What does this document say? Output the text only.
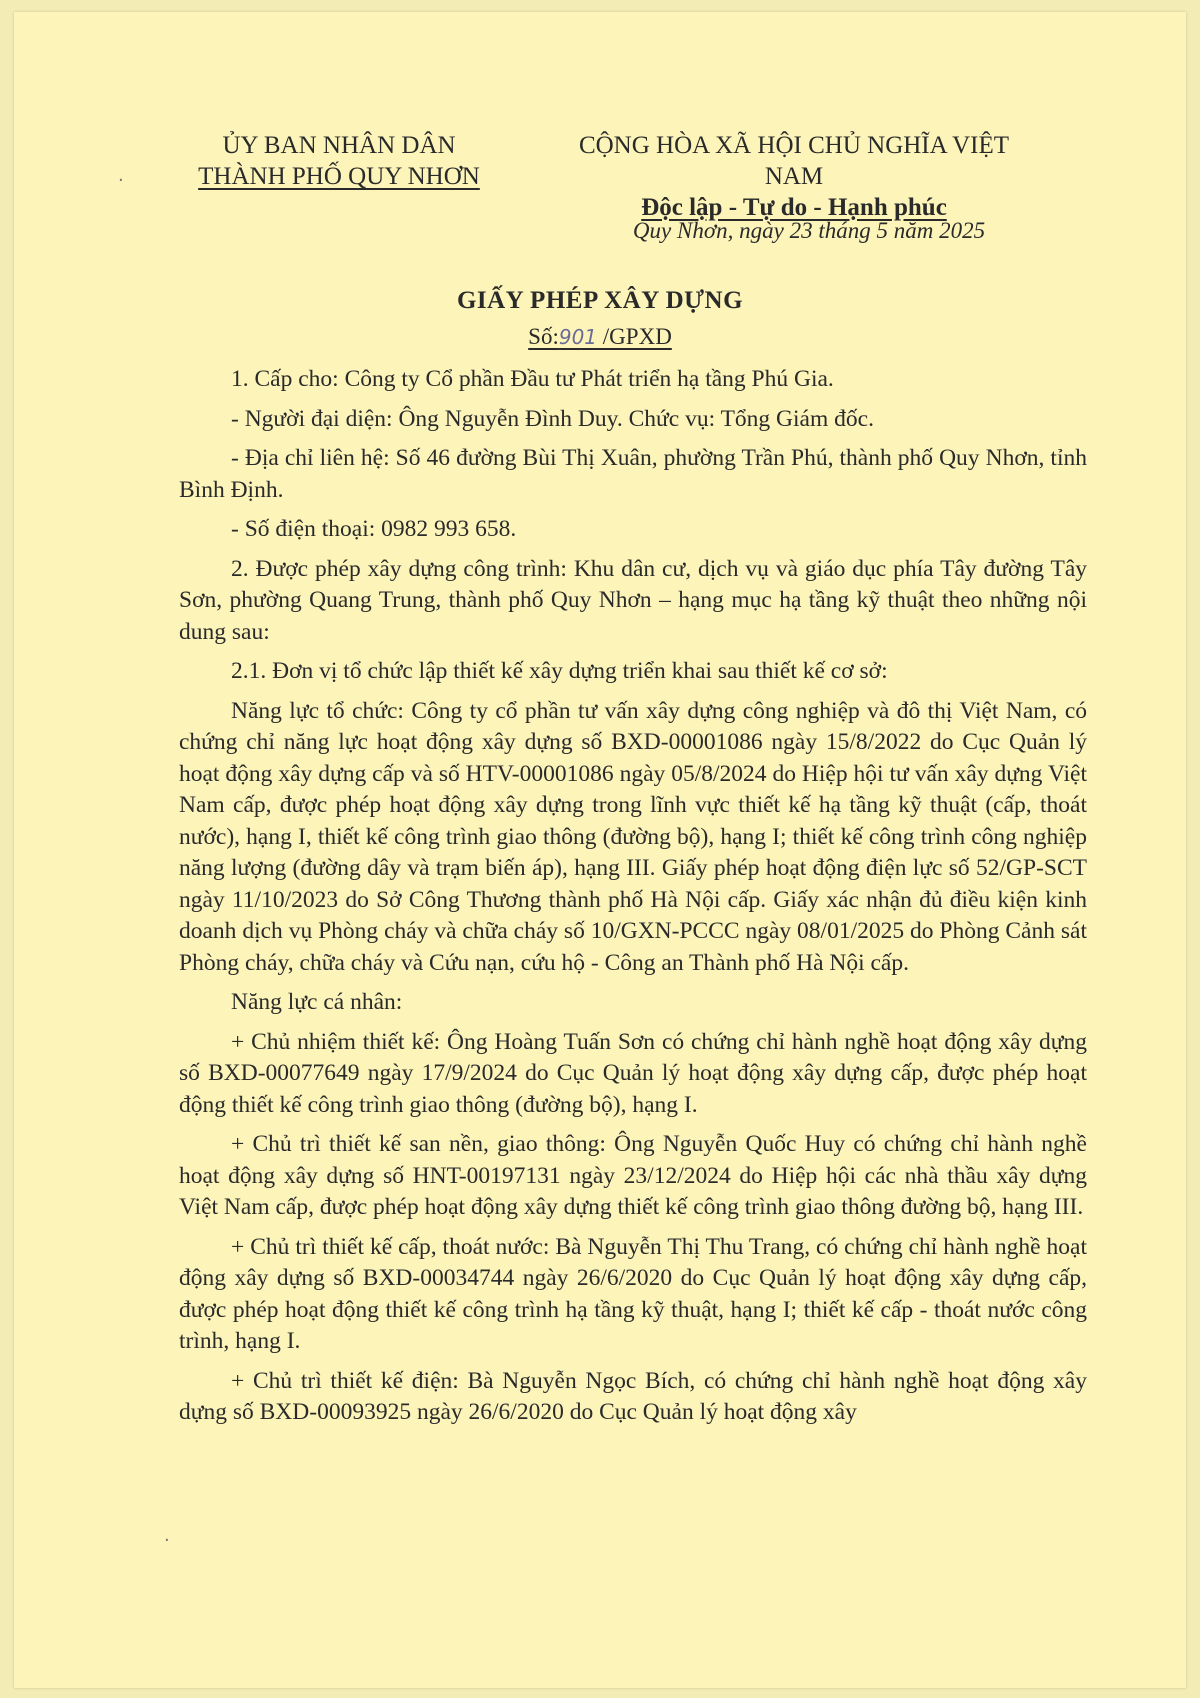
ỦY BAN NHÂN DÂN
THÀNH PHỐ QUY NHƠN
CỘNG HÒA XÃ HỘI CHỦ NGHĨA VIỆT NAM
Độc lập - Tự do - Hạnh phúc
Quy Nhơn, ngày 23 tháng 5 năm 2025
GIẤY PHÉP XÂY DỰNG
Số:901 /GPXD

1. Cấp cho: Công ty Cổ phần Đầu tư Phát triển hạ tầng Phú Gia.

- Người đại diện: Ông Nguyễn Đình Duy. Chức vụ: Tổng Giám đốc.

- Địa chỉ liên hệ: Số 46 đường Bùi Thị Xuân, phường Trần Phú, thành phố Quy Nhơn, tỉnh Bình Định.

- Số điện thoại: 0982 993 658.

2. Được phép xây dựng công trình: Khu dân cư, dịch vụ và giáo dục phía Tây đường Tây Sơn, phường Quang Trung, thành phố Quy Nhơn – hạng mục hạ tầng kỹ thuật theo những nội dung sau:

2.1. Đơn vị tổ chức lập thiết kế xây dựng triển khai sau thiết kế cơ sở:

Năng lực tổ chức: Công ty cổ phần tư vấn xây dựng công nghiệp và đô thị Việt Nam, có chứng chỉ năng lực hoạt động xây dựng số BXD-00001086 ngày 15/8/2022 do Cục Quản lý hoạt động xây dựng cấp và số HTV-00001086 ngày 05/8/2024 do Hiệp hội tư vấn xây dựng Việt Nam cấp, được phép hoạt động xây dựng trong lĩnh vực thiết kế hạ tầng kỹ thuật (cấp, thoát nước), hạng I, thiết kế công trình giao thông (đường bộ), hạng I; thiết kế công trình công nghiệp năng lượng (đường dây và trạm biến áp), hạng III. Giấy phép hoạt động điện lực số 52/GP-SCT ngày 11/10/2023 do Sở Công Thương thành phố Hà Nội cấp. Giấy xác nhận đủ điều kiện kinh doanh dịch vụ Phòng cháy và chữa cháy số 10/GXN-PCCC ngày 08/01/2025 do Phòng Cảnh sát Phòng cháy, chữa cháy và Cứu nạn, cứu hộ - Công an Thành phố Hà Nội cấp.

Năng lực cá nhân:

+ Chủ nhiệm thiết kế: Ông Hoàng Tuấn Sơn có chứng chỉ hành nghề hoạt động xây dựng số BXD-00077649 ngày 17/9/2024 do Cục Quản lý hoạt động xây dựng cấp, được phép hoạt động thiết kế công trình giao thông (đường bộ), hạng I.

+ Chủ trì thiết kế san nền, giao thông: Ông Nguyễn Quốc Huy có chứng chỉ hành nghề hoạt động xây dựng số HNT-00197131 ngày 23/12/2024 do Hiệp hội các nhà thầu xây dựng Việt Nam cấp, được phép hoạt động xây dựng thiết kế công trình giao thông đường bộ, hạng III.

+ Chủ trì thiết kế cấp, thoát nước: Bà Nguyễn Thị Thu Trang, có chứng chỉ hành nghề hoạt động xây dựng số BXD-00034744 ngày 26/6/2020 do Cục Quản lý hoạt động xây dựng cấp, được phép hoạt động thiết kế công trình hạ tầng kỹ thuật, hạng I; thiết kế cấp - thoát nước công trình, hạng I.

+ Chủ trì thiết kế điện: Bà Nguyễn Ngọc Bích, có chứng chỉ hành nghề hoạt động xây dựng số BXD-00093925 ngày 26/6/2020 do Cục Quản lý hoạt động xây

·
·
